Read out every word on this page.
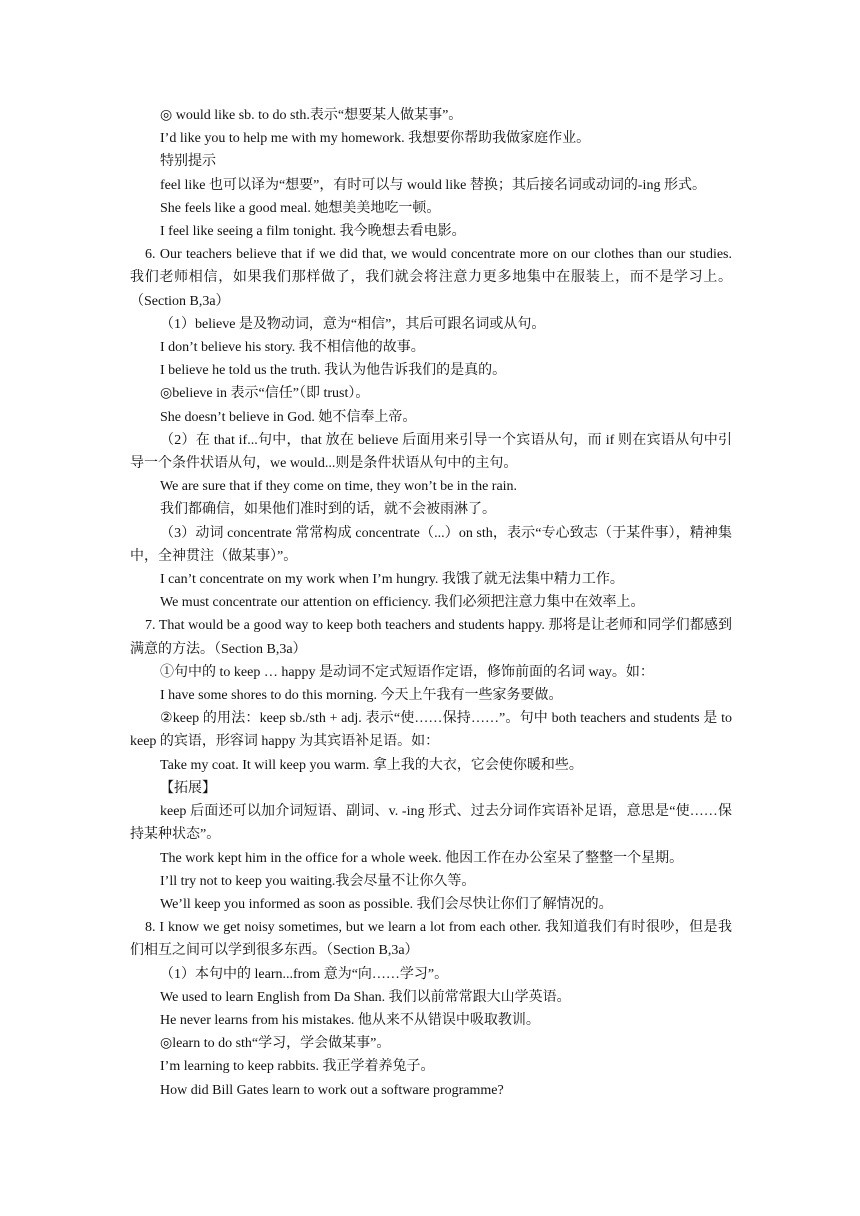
◎ would like sb. to do sth.表示“想要某人做某事”。
I’d like you to help me with my homework. 我想要你帮助我做家庭作业。
特别提示
feel like 也可以译为“想要”，有时可以与 would like 替换；其后接名词或动词的-ing 形式。
She feels like a good meal. 她想美美地吃一顿。
I feel like seeing a film tonight. 我今晚想去看电影。
6. Our teachers believe that if we did that, we would concentrate more on our clothes than our studies. 我们老师相信，如果我们那样做了，我们就会将注意力更多地集中在服装上，而不是学习上。（Section B,3a）
（1）believe 是及物动词，意为“相信”，其后可跟名词或从句。
I don’t believe his story. 我不相信他的故事。
I believe he told us the truth. 我认为他告诉我们的是真的。
◎believe in 表示“信任”（即 trust）。
She doesn’t believe in God. 她不信奉上帝。
（2）在 that if...句中，that 放在 believe 后面用来引导一个宾语从句，而 if 则在宾语从句中引导一个条件状语从句，we would...则是条件状语从句中的主句。
We are sure that if they come on time, they won’t be in the rain.
我们都确信，如果他们准时到的话，就不会被雨淋了。
（3）动词 concentrate 常常构成 concentrate（...）on sth，表示“专心致志（于某件事），精神集中，全神贯注（做某事）”。
I can’t concentrate on my work when I’m hungry. 我饿了就无法集中精力工作。
We must concentrate our attention on efficiency. 我们必须把注意力集中在效率上。
7. That would be a good way to keep both teachers and students happy. 那将是让老师和同学们都感到满意的方法。（Section B,3a）
①句中的 to keep … happy 是动词不定式短语作定语，修饰前面的名词 way。如：
I have some shores to do this morning. 今天上午我有一些家务要做。
②keep 的用法：keep sb./sth + adj. 表示“使……保持……”。句中 both teachers and students 是 to keep 的宾语，形容词 happy 为其宾语补足语。如：
Take my coat. It will keep you warm. 拿上我的大衣，它会使你暖和些。
【拓展】
keep 后面还可以加介词短语、副词、v. -ing 形式、过去分词作宾语补足语，意思是“使……保持某种状态”。
The work kept him in the office for a whole week. 他因工作在办公室呆了整整一个星期。
I’ll try not to keep you waiting.我会尽量不让你久等。
We’ll keep you informed as soon as possible. 我们会尽快让你们了解情况的。
8. I know we get noisy sometimes, but we learn a lot from each other. 我知道我们有时很吵，但是我们相互之间可以学到很多东西。（Section B,3a）
（1）本句中的 learn...from 意为“向……学习”。
We used to learn English from Da Shan. 我们以前常常跟大山学英语。
He never learns from his mistakes. 他从来不从错误中吸取教训。
◎learn to do sth“学习，学会做某事”。
I’m learning to keep rabbits. 我正学着养兔子。
How did Bill Gates learn to work out a software programme?
